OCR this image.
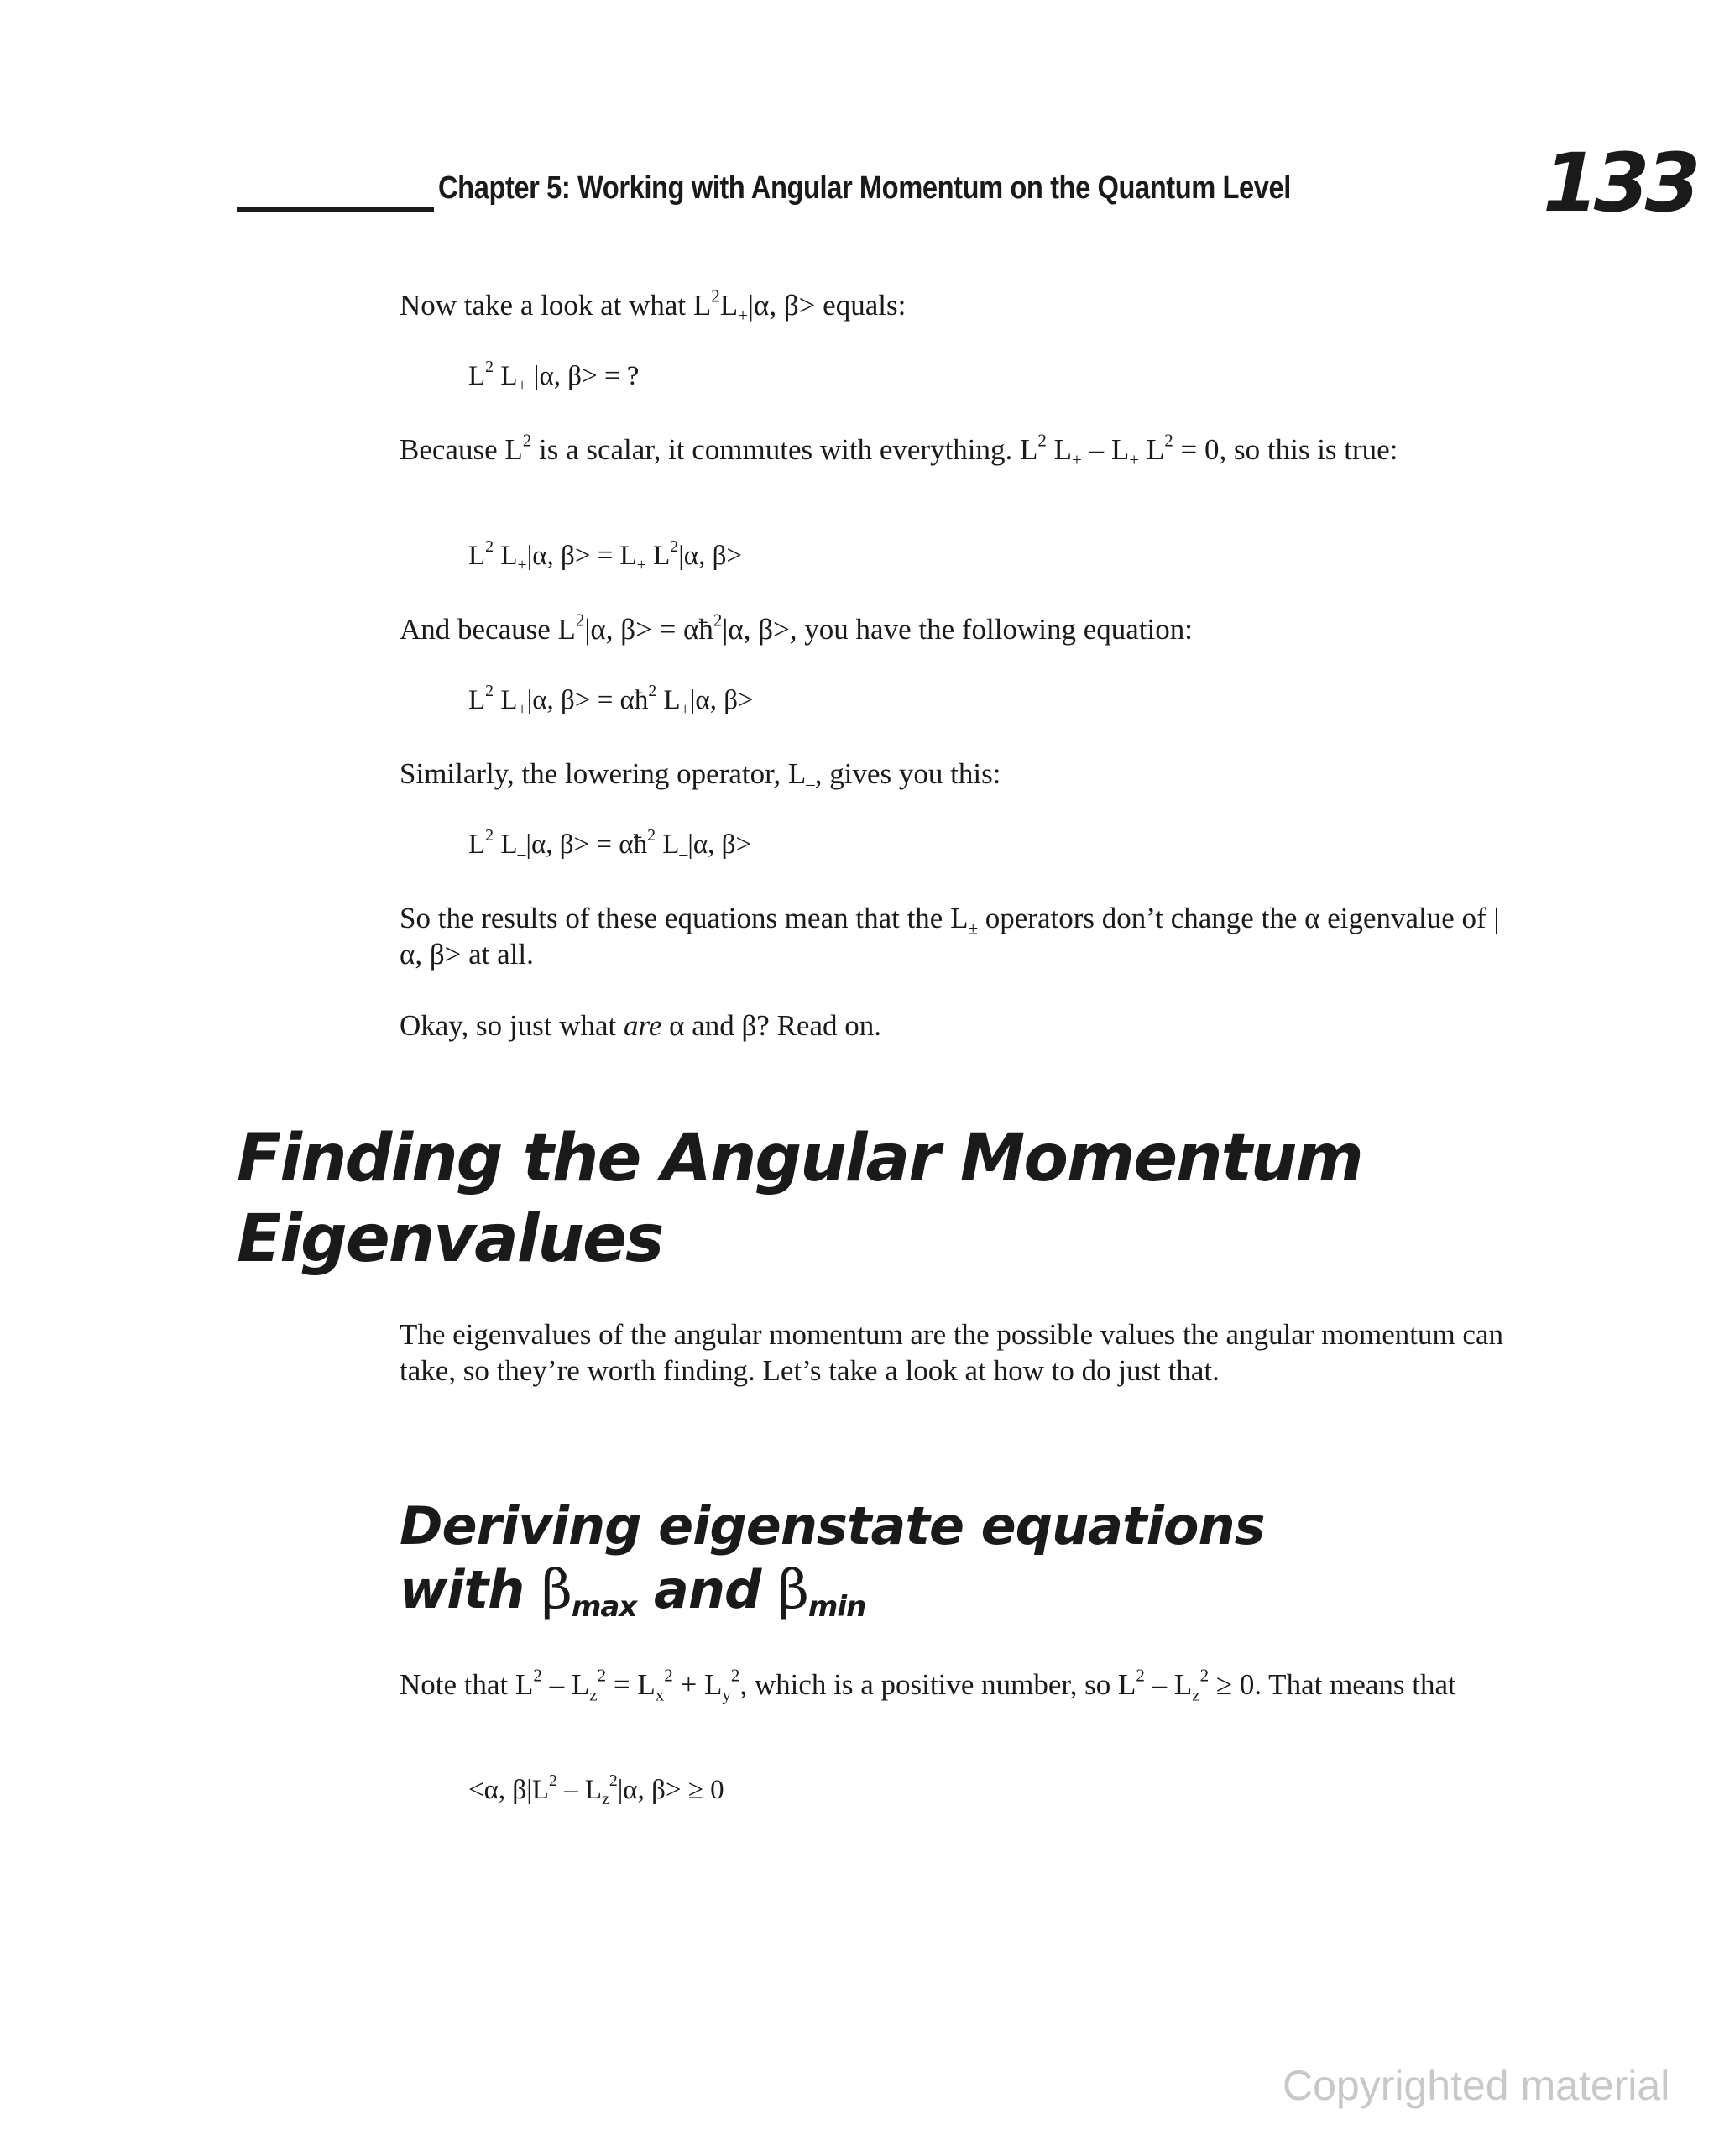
Chapter 5: Working with Angular Momentum on the Quantum Level	133
Now take a look at what $L^2L_+|\alpha$, β> equals:
$L^2$ $L_+$ |α, β> = ?
Because $L^2$ is a scalar, it commutes with everything. $L^2$ $L_+ - L_+$ $L^2 = 0$, so this is true:
$L^2$ $L_+|\alpha$, $\beta> = L_+$ $L^2|\alpha$, β>
And because $L^2|\alpha$, $\beta> = \alpha ħ^2|\alpha$, β>, you have the following equation:
$L^2$ $L_+|\alpha$, $\beta> = \alpha ħ^2$ $L_+|\alpha$, β>
Similarly, the lowering operator, $L_-$, gives you this:
$L^2$ $L_-|\alpha$, $\beta> = \alpha ħ^2$ $L_-|\alpha$, β>
So the results of these equations mean that the $L_\pm$ operators don’t change the α eigenvalue of |α, β> at all.
Okay, so just what are α and β? Read on.
Finding the Angular Momentum Eigenvalues
The eigenvalues of the angular momentum are the possible values the angular momentum can take, so they’re worth finding. Let’s take a look at how to do just that.
Deriving eigenstate equations
with $\beta_{max}$ and $\beta_{min}$
Note that $L^2 - L_z^2 = L_x^2 + L_y^2$, which is a positive number, so $L^2 - L_z^2 \ge 0$. That means that
<α, $\beta|L^2 - L_z^2|\alpha$, β> ≥ 0
Copyrighted material
